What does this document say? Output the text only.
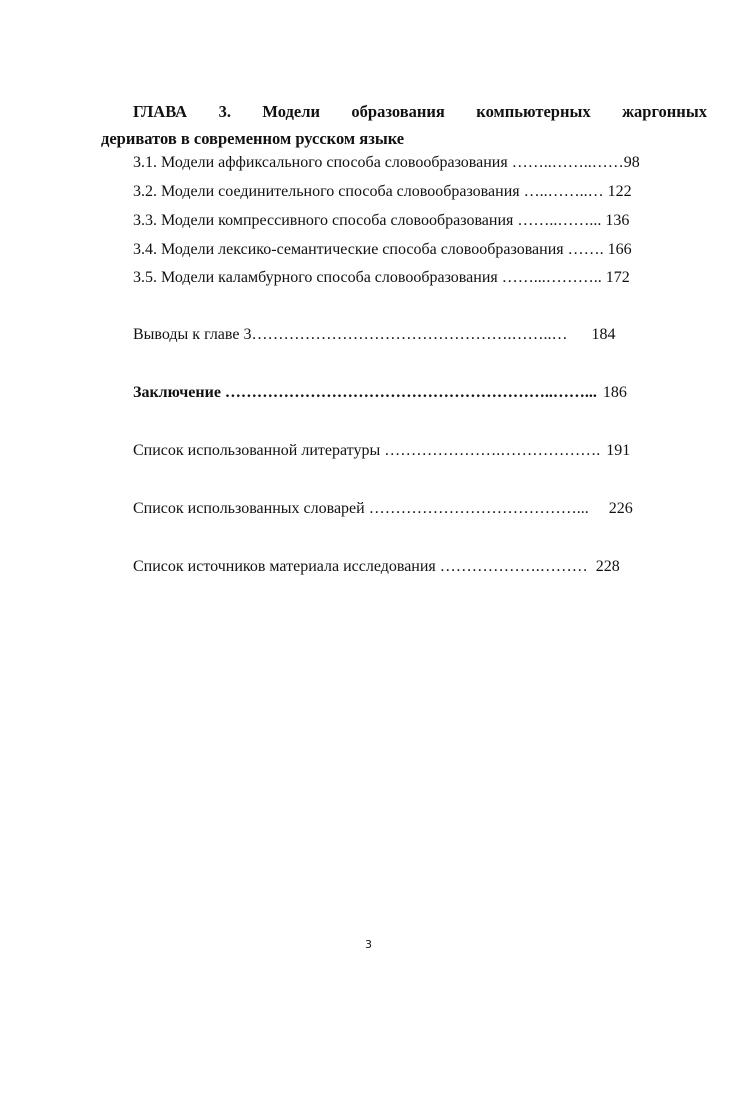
ГЛАВА 3. Модели образования компьютерных жаргонных
дериватов в современном русском языке
3.1. Модели аффиксального способа словообразования ……..……..……98
3.2. Модели соединительного способа словообразования …..……..… 122
3.3. Модели компрессивного способа словообразования ……..……... 136
3.4. Модели лексико-семантические способа словообразования ……. 166
3.5. Модели каламбурного способа словообразования ……...……….. 172
Выводы к главе 3………………………………………….……..… 184
Заключение ……………………………………………………..……... 186
Список использованной литературы ………………….………………. 191
Список использованных словарей …………………………………... 226
Список источников материала исследования ……………….……… 228
3
